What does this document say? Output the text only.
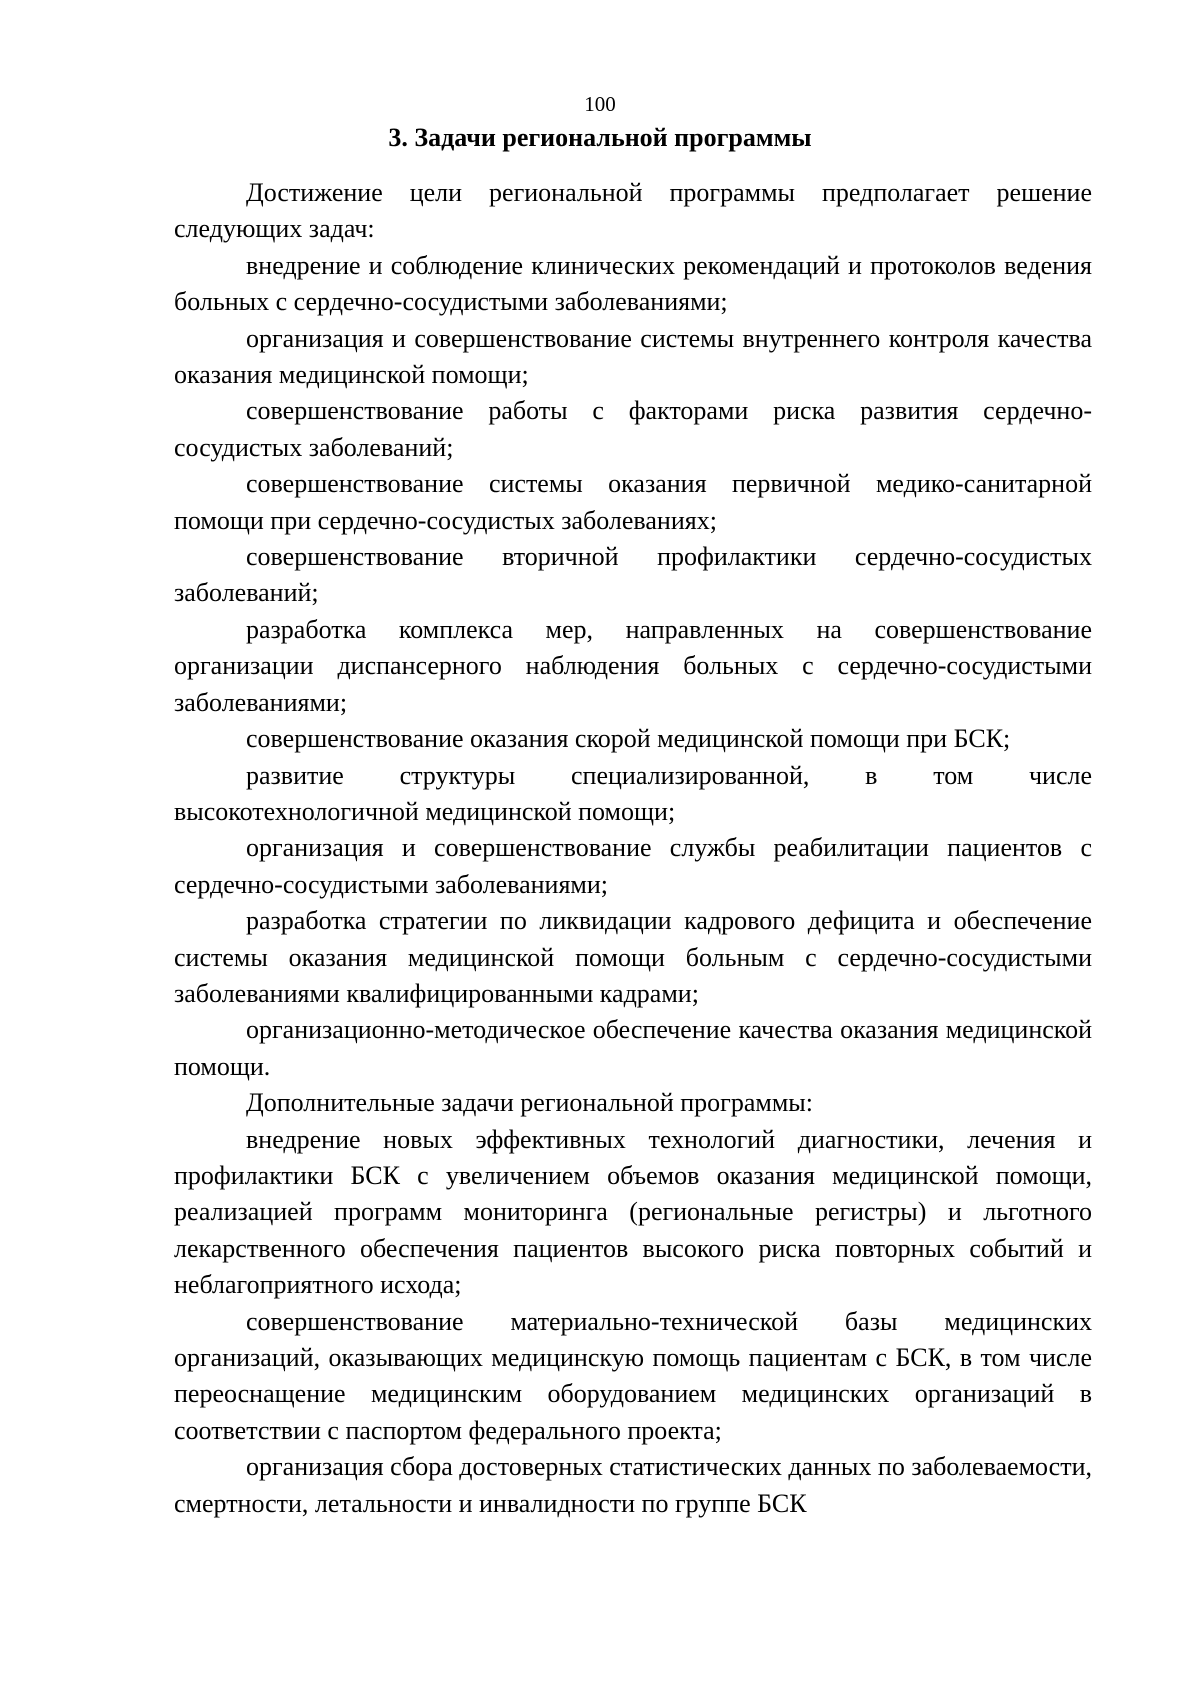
100
3. Задачи региональной программы

Достижение цели региональной программы предполагает решение следующих задач:

внедрение и соблюдение клинических рекомендаций и протоколов ведения больных с сердечно-сосудистыми заболеваниями;

организация и совершенствование системы внутреннего контроля качества оказания медицинской помощи;

совершенствование работы с факторами риска развития сердечно-сосудистых заболеваний;

совершенствование системы оказания первичной медико-санитарной помощи при сердечно-сосудистых заболеваниях;

совершенствование вторичной профилактики сердечно-сосудистых заболеваний;

разработка комплекса мер, направленных на совершенствование организации диспансерного наблюдения больных с сердечно-сосудистыми заболеваниями;

совершенствование оказания скорой медицинской помощи при БСК;

развитие структуры специализированной, в том числе высокотехнологичной медицинской помощи;

организация и совершенствование службы реабилитации пациентов с сердечно-сосудистыми заболеваниями;

разработка стратегии по ликвидации кадрового дефицита и обеспечение системы оказания медицинской помощи больным с сердечно-сосудистыми заболеваниями квалифицированными кадрами;

организационно-методическое обеспечение качества оказания медицинской помощи.

Дополнительные задачи региональной программы:

внедрение новых эффективных технологий диагностики, лечения и профилактики БСК с увеличением объемов оказания медицинской помощи, реализацией программ мониторинга (региональные регистры) и льготного лекарственного обеспечения пациентов высокого риска повторных событий и неблагоприятного исхода;

совершенствование материально-технической базы медицинских организаций, оказывающих медицинскую помощь пациентам с БСК, в том числе переоснащение медицинским оборудованием медицинских организаций в соответствии с паспортом федерального проекта;

организация сбора достоверных статистических данных по заболеваемости, смертности, летальности и инвалидности по группе БСК
